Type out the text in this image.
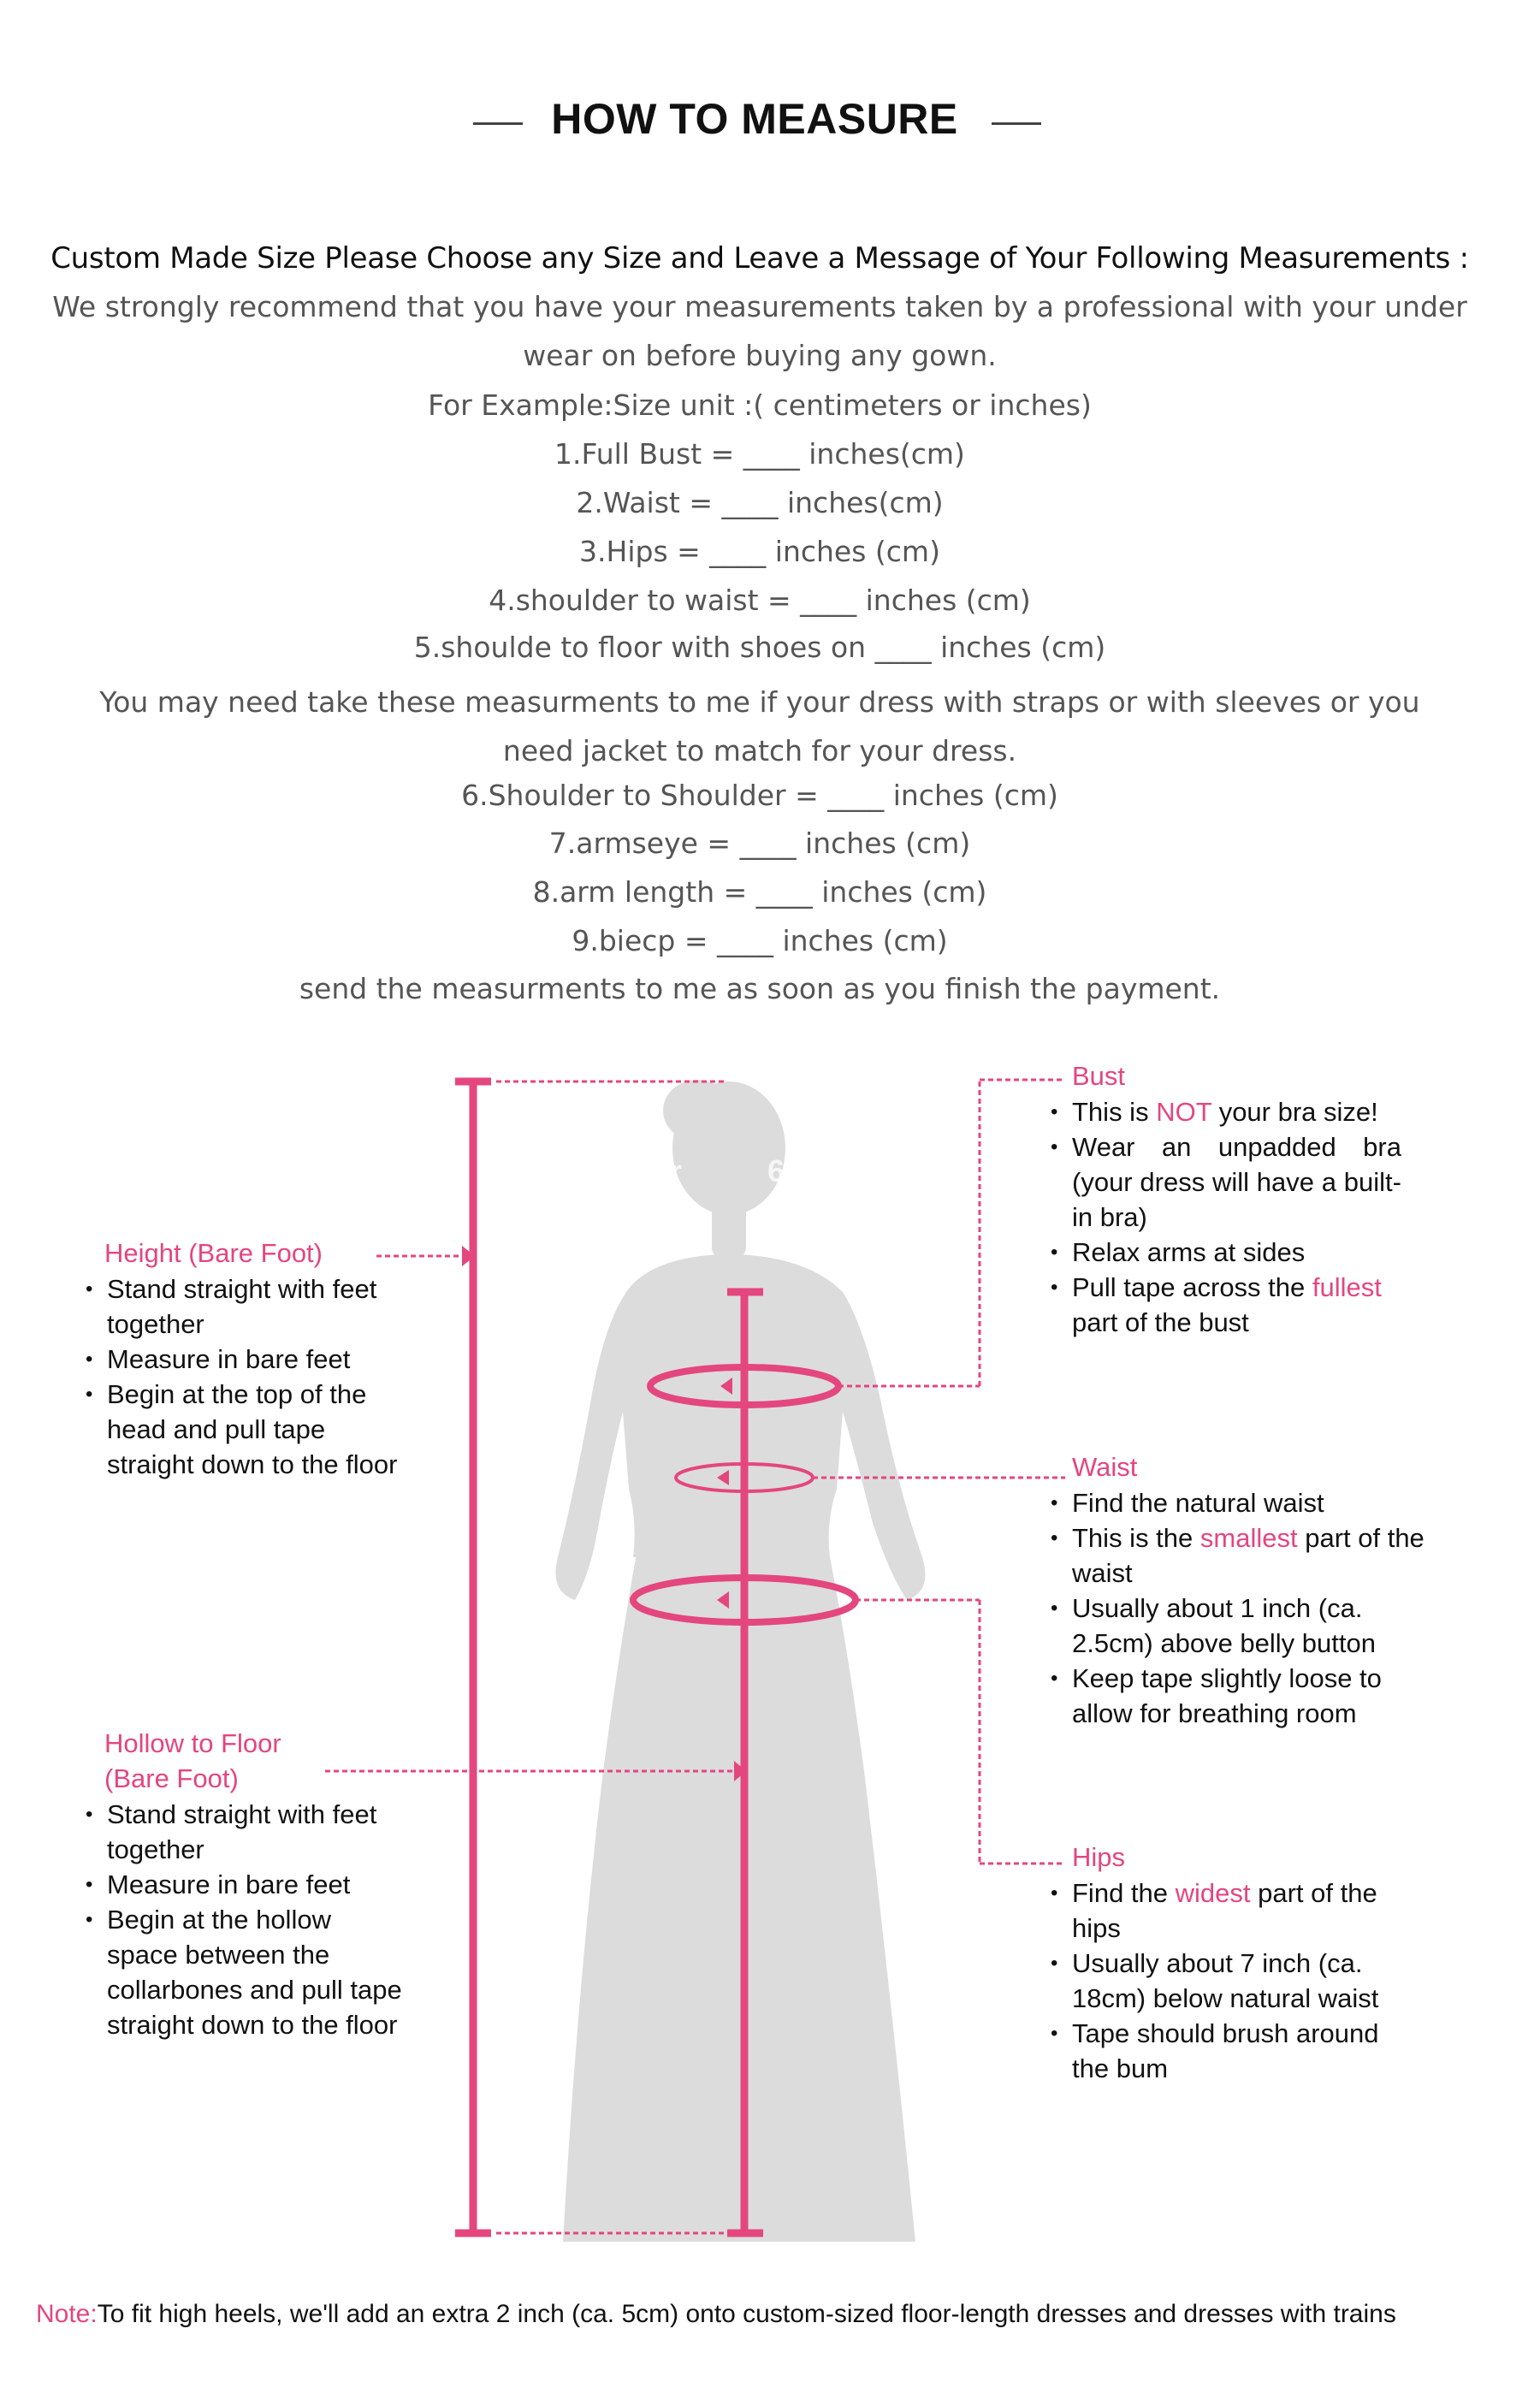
HOW TO MEASURE
Custom Made Size Please Choose any Size and Leave a Message of Your Following Measurements :
We strongly recommend that you have your measurements taken by a professional with your under wear on before buying any gown.
For Example:Size unit :( centimeters or inches)
1.Full Bust = ____ inches(cm)
2.Waist = ____ inches(cm)
3.Hips = ____ inches (cm)
4.shoulder to waist = ____ inches (cm)
5.shoulde to floor with shoes on ____ inches (cm)
You may need take these measurments to me if your dress with straps or with sleeves or you need jacket to match for your dress.
6.Shoulder to Shoulder = ____ inches (cm)
7.armseye = ____ inches (cm)
8.arm length = ____ inches (cm)
9.biecp = ____ inches (cm)
send the measurments to me as soon as you finish the payment.
Stor          6032
Height (Bare Foot)
• Stand straight with feet together
• Measure in bare feet
• Begin at the top of the head and pull tape straight down to the floor
Hollow to Floor
(Bare Foot)
• Stand straight with feet together
• Measure in bare feet
• Begin at the hollow space between the collarbones and pull tape straight down to the floor
Bust
• This is NOT your bra size!
• Wear an unpadded bra (your dress will have a built-in bra)
• Relax arms at sides
• Pull tape across the fullest part of the bust
Waist
• Find the natural waist
• This is the smallest part of the waist
• Usually about 1 inch (ca. 2.5cm) above belly button
• Keep tape slightly loose to allow for breathing room
Hips
• Find the widest part of the hips
• Usually about 7 inch (ca. 18cm) below natural waist
• Tape should brush around the bum
Note:To fit high heels, we'll add an extra 2 inch (ca. 5cm) onto custom-sized floor-length dresses and dresses with trains
